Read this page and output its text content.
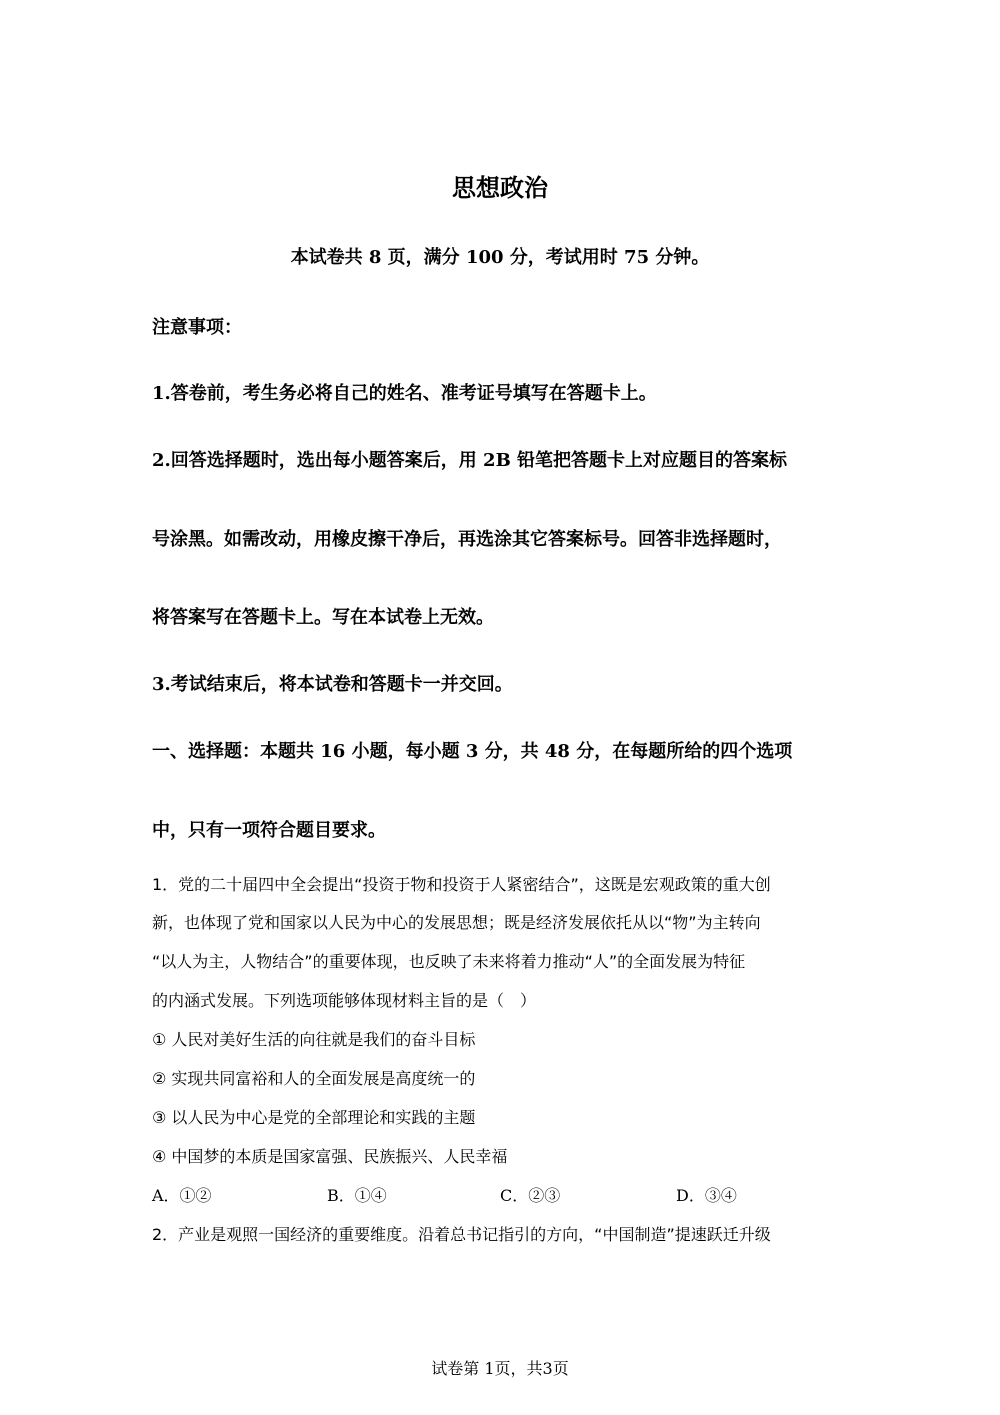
思想政治
本试卷共 8 页，满分 100 分，考试用时 75 分钟。
注意事项：
1.答卷前，考生务必将自己的姓名、准考证号填写在答题卡上。
2.回答选择题时，选出每小题答案后，用 2B 铅笔把答题卡上对应题目的答案标
号涂黑。如需改动，用橡皮擦干净后，再选涂其它答案标号。回答非选择题时，
将答案写在答题卡上。写在本试卷上无效。
3.考试结束后，将本试卷和答题卡一并交回。
一、选择题：本题共 16 小题，每小题 3 分，共 48 分，在每题所给的四个选项
中，只有一项符合题目要求。
1．党的二十届四中全会提出“投资于物和投资于人紧密结合”，这既是宏观政策的重大创
新，也体现了党和国家以人民为中心的发展思想；既是经济发展依托从以“物”为主转向
“以人为主，人物结合”的重要体现，也反映了未来将着力推动“人”的全面发展为特征
的内涵式发展。下列选项能够体现材料主旨的是（　）
① 人民对美好生活的向往就是我们的奋斗目标
② 实现共同富裕和人的全面发展是高度统一的
③ 以人民为中心是党的全部理论和实践的主题
④ 中国梦的本质是国家富强、民族振兴、人民幸福
A．①②	B．①④	C．②③	D．③④
2．产业是观照一国经济的重要维度。沿着总书记指引的方向，“中国制造”提速跃迁升级
试卷第 1页，共3页
